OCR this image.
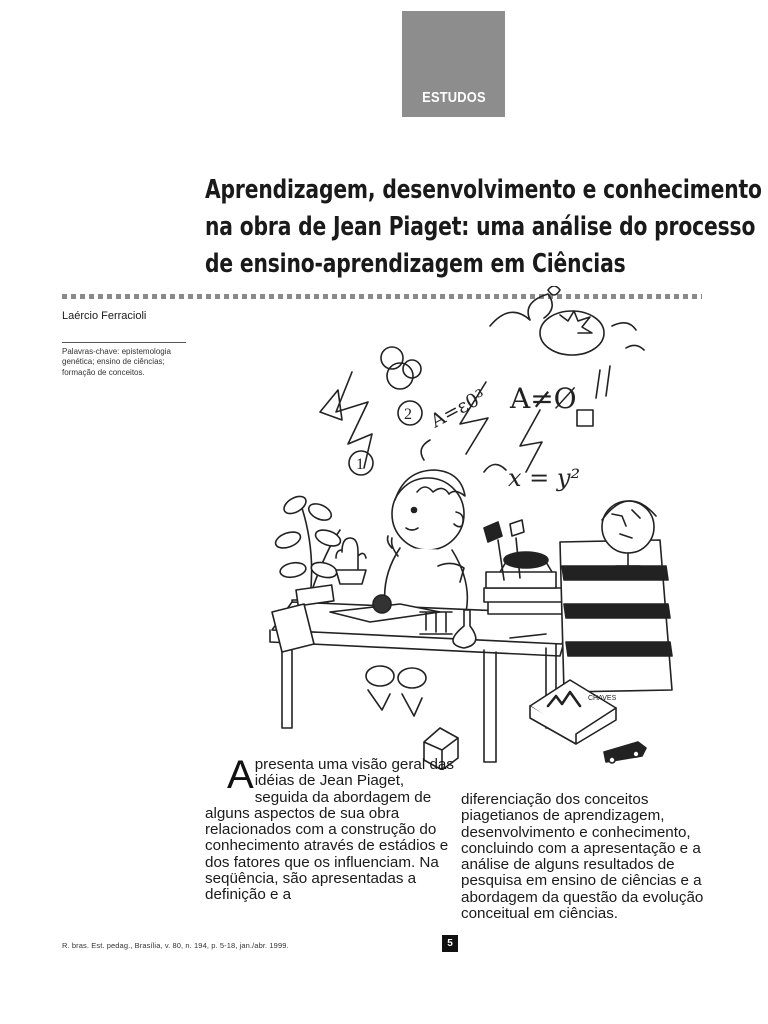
ESTUDOS
Aprendizagem, desenvolvimento e conhecimento
na obra de Jean Piaget: uma análise do processo
de ensino-aprendizagem em Ciências
Laércio Ferracioli
Palavras-chave: epistemologia genética; ensino de ciências; formação de conceitos.
2
1
A=ε0³ A≠Ø
x = y²
CHAVES

Apresenta uma visão geral das idéias de Jean Piaget, seguida da abordagem de alguns aspectos de sua obra relacionados com a construção do conhecimento através de estádios e dos fatores que os influenciam. Na seqüência, são apresentadas a definição e a

diferenciação dos conceitos piagetianos de aprendizagem, desenvolvimento e conhecimento, concluindo com a apresentação e a análise de alguns resultados de pesquisa em ensino de ciências e a abordagem da questão da evolução conceitual em ciências.

R. bras. Est. pedag., Brasília, v. 80, n. 194, p. 5-18, jan./abr. 1999.	5
